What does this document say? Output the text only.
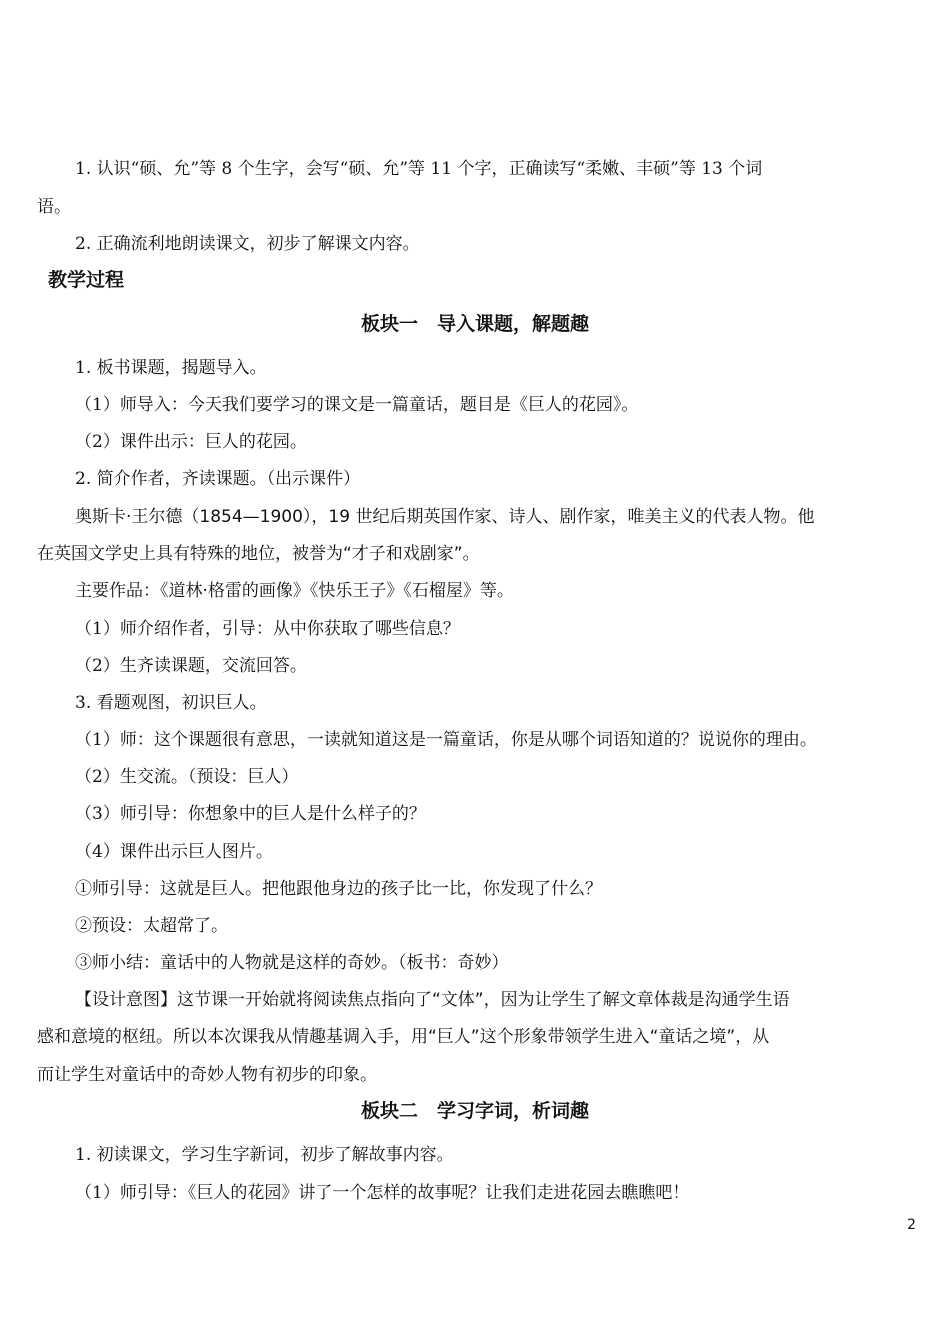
1. 认识“硕、允”等 8 个生字，会写“硕、允”等 11 个字，正确读写“柔嫩、丰硕”等 13 个词
语。
2. 正确流利地朗读课文，初步了解课文内容。
教学过程
板块一　导入课题，解题趣
1. 板书课题，揭题导入。
（1）师导入：今天我们要学习的课文是一篇童话，题目是《巨人的花园》。
（2）课件出示：巨人的花园。
2. 简介作者，齐读课题。（出示课件）
奥斯卡·王尔德（1854—1900），19 世纪后期英国作家、诗人、剧作家，唯美主义的代表人物。他
在英国文学史上具有特殊的地位，被誉为“才子和戏剧家”。
主要作品：《道林·格雷的画像》《快乐王子》《石榴屋》等。
（1）师介绍作者，引导：从中你获取了哪些信息？
（2）生齐读课题，交流回答。
3. 看题观图，初识巨人。
（1）师：这个课题很有意思，一读就知道这是一篇童话，你是从哪个词语知道的？说说你的理由。
（2）生交流。（预设：巨人）
（3）师引导：你想象中的巨人是什么样子的？
（4）课件出示巨人图片。
①师引导：这就是巨人。把他跟他身边的孩子比一比，你发现了什么？
②预设：太超常了。
③师小结：童话中的人物就是这样的奇妙。（板书：奇妙）
【设计意图】这节课一开始就将阅读焦点指向了“文体”，因为让学生了解文章体裁是沟通学生语
感和意境的枢纽。所以本次课我从情趣基调入手，用“巨人”这个形象带领学生进入“童话之境”，从
而让学生对童话中的奇妙人物有初步的印象。
板块二　学习字词，析词趣
1. 初读课文，学习生字新词，初步了解故事内容。
（1）师引导：《巨人的花园》讲了一个怎样的故事呢？让我们走进花园去瞧瞧吧！
2
